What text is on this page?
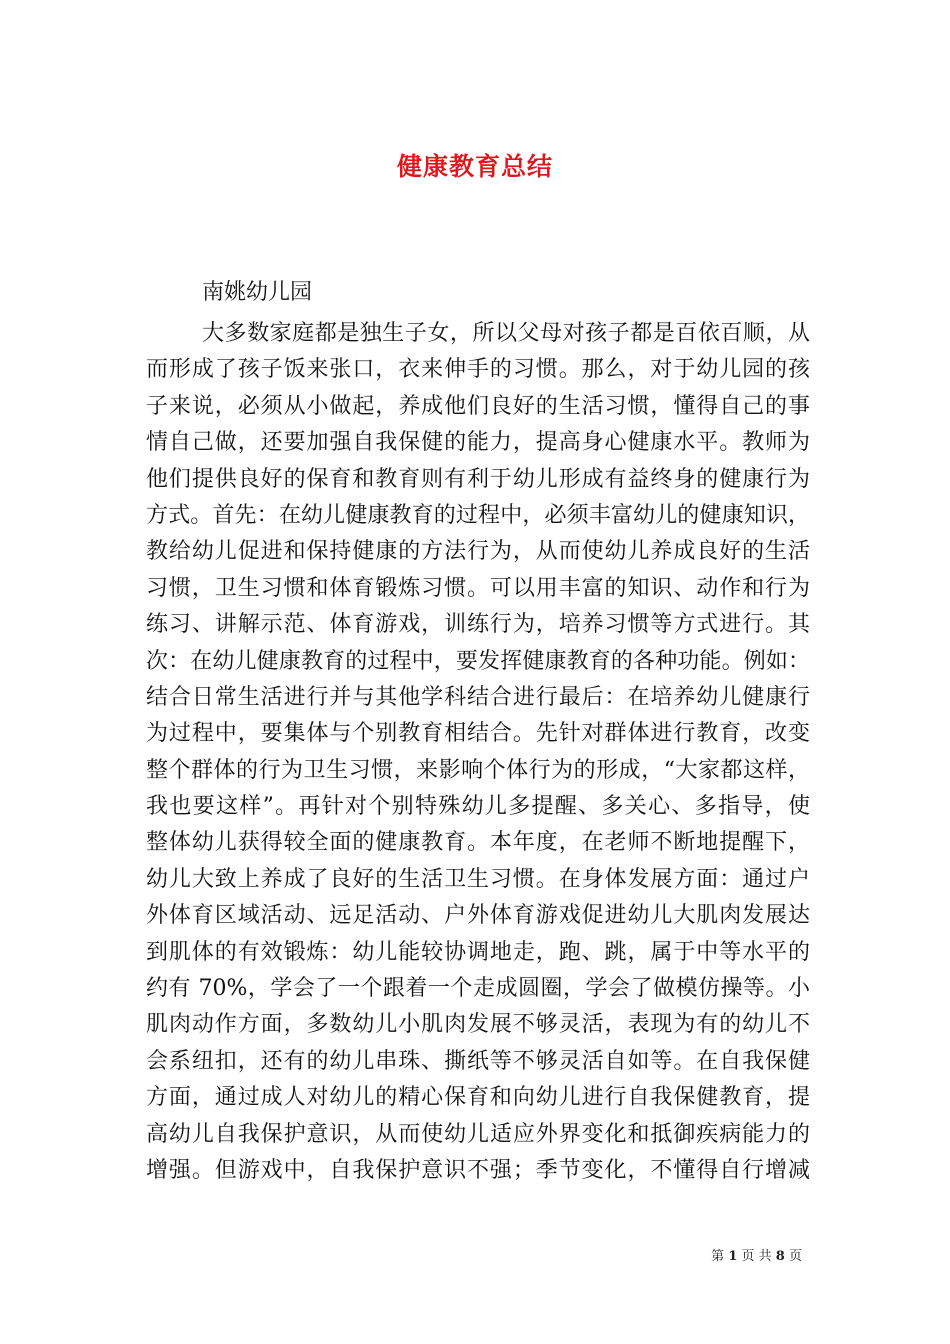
健康教育总结
南姚幼儿园
大多数家庭都是独生子女，所以父母对孩子都是百依百顺，从
而形成了孩子饭来张口，衣来伸手的习惯。那么，对于幼儿园的孩
子来说，必须从小做起，养成他们良好的生活习惯，懂得自己的事
情自己做，还要加强自我保健的能力，提高身心健康水平。教师为
他们提供良好的保育和教育则有利于幼儿形成有益终身的健康行为
方式。首先：在幼儿健康教育的过程中，必须丰富幼儿的健康知识，
教给幼儿促进和保持健康的方法行为，从而使幼儿养成良好的生活
习惯，卫生习惯和体育锻炼习惯。可以用丰富的知识、动作和行为
练习、讲解示范、体育游戏，训练行为，培养习惯等方式进行。其
次：在幼儿健康教育的过程中，要发挥健康教育的各种功能。例如：
结合日常生活进行并与其他学科结合进行最后：在培养幼儿健康行
为过程中，要集体与个别教育相结合。先针对群体进行教育，改变
整个群体的行为卫生习惯，来影响个体行为的形成，“大家都这样，
我也要这样”。再针对个别特殊幼儿多提醒、多关心、多指导，使
整体幼儿获得较全面的健康教育。本年度，在老师不断地提醒下，
幼儿大致上养成了良好的生活卫生习惯。在身体发展方面：通过户
外体育区域活动、远足活动、户外体育游戏促进幼儿大肌肉发展达
到肌体的有效锻炼：幼儿能较协调地走，跑、跳，属于中等水平的
约有 70%，学会了一个跟着一个走成圆圈，学会了做模仿操等。小
肌肉动作方面，多数幼儿小肌肉发展不够灵活，表现为有的幼儿不
会系纽扣，还有的幼儿串珠、撕纸等不够灵活自如等。在自我保健
方面，通过成人对幼儿的精心保育和向幼儿进行自我保健教育，提
高幼儿自我保护意识，从而使幼儿适应外界变化和抵御疾病能力的
增强。但游戏中，自我保护意识不强；季节变化，不懂得自行增减
第 1 页 共 8 页
